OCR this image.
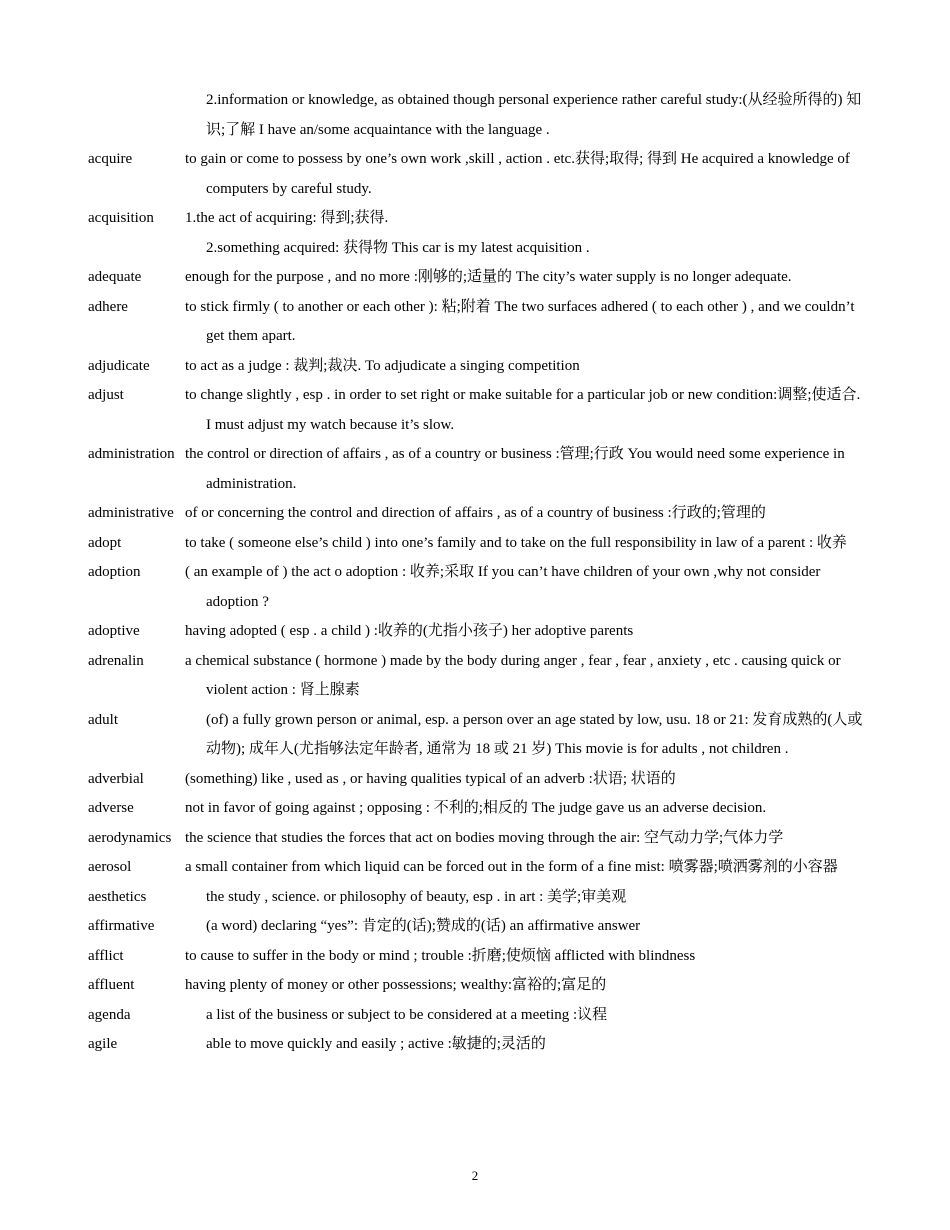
2.information or knowledge, as obtained though personal experience rather careful study:(从经验所得的) 知识;了解 I have an/some acquaintance with the language .
acquire	to gain or come to possess by one’s own work ,skill , action . etc.获得;取得; 得到 He acquired a knowledge of computers by careful study.
acquisition	1.the act of acquiring: 得到;获得.
2.something acquired: 获得物 This car is my latest acquisition .
adequate	enough for the purpose , and no more :刚够的;适量的 The city’s water supply is no longer adequate.
adhere	to stick firmly ( to another or each other ): 粘;附着 The two surfaces adhered ( to each other ) , and we couldn’t get them apart.
adjudicate	to act as a judge : 裁判;裁决. To adjudicate a singing competition
adjust	to change slightly , esp . in order to set right or make suitable for a particular job or new condition:调整;使适合. I must adjust my watch because it’s slow.
administration the control or direction of affairs , as of a country or business :管理;行政 You would need some experience in administration.
administrative of or concerning the control and direction of affairs , as of a country of business :行政的;管理的
adopt	to take ( someone else’s child ) into one’s family and to take on the full responsibility in law of a parent : 收养
adoption	( an example of ) the act o adoption : 收养;采取 If you can’t have children of your own ,why not consider adoption ?
adoptive	having adopted ( esp . a child ) :收养的(尤指小孩子) her adoptive parents
adrenalin	a chemical substance ( hormone ) made by the body during anger , fear , fear , anxiety , etc . causing quick or violent action : 肾上腺素
adult	(of) a fully grown person or animal, esp. a person over an age stated by low, usu. 18 or 21: 发育成熟的(人或动物); 成年人(尤指够法定年龄者, 通常为 18 或 21 岁) This movie is for adults , not children .
adverbial	(something) like , used as , or having qualities typical of an adverb :状语; 状语的
adverse	not in favor of going against ; opposing : 不利的;相反的 The judge gave us an adverse decision.
aerodynamics the science that studies the forces that act on bodies moving through the air: 空气动力学;气体力学
aerosol	a small container from which liquid can be forced out in the form of a fine mist: 喷雾器;喷洒雾剂的小容器
aesthetics	the study , science. or philosophy of beauty, esp . in art : 美学;审美观
affirmative	(a word) declaring “yes”: 肯定的(话);赞成的(话) an affirmative answer
afflict	to cause to suffer in the body or mind ; trouble :折磨;使烦恼 afflicted with blindness
affluent	having plenty of money or other possessions; wealthy:富裕的;富足的
agenda	a list of the business or subject to be considered at a meeting :议程
agile	able to move quickly and easily ; active :敏捷的;灵活的
2
